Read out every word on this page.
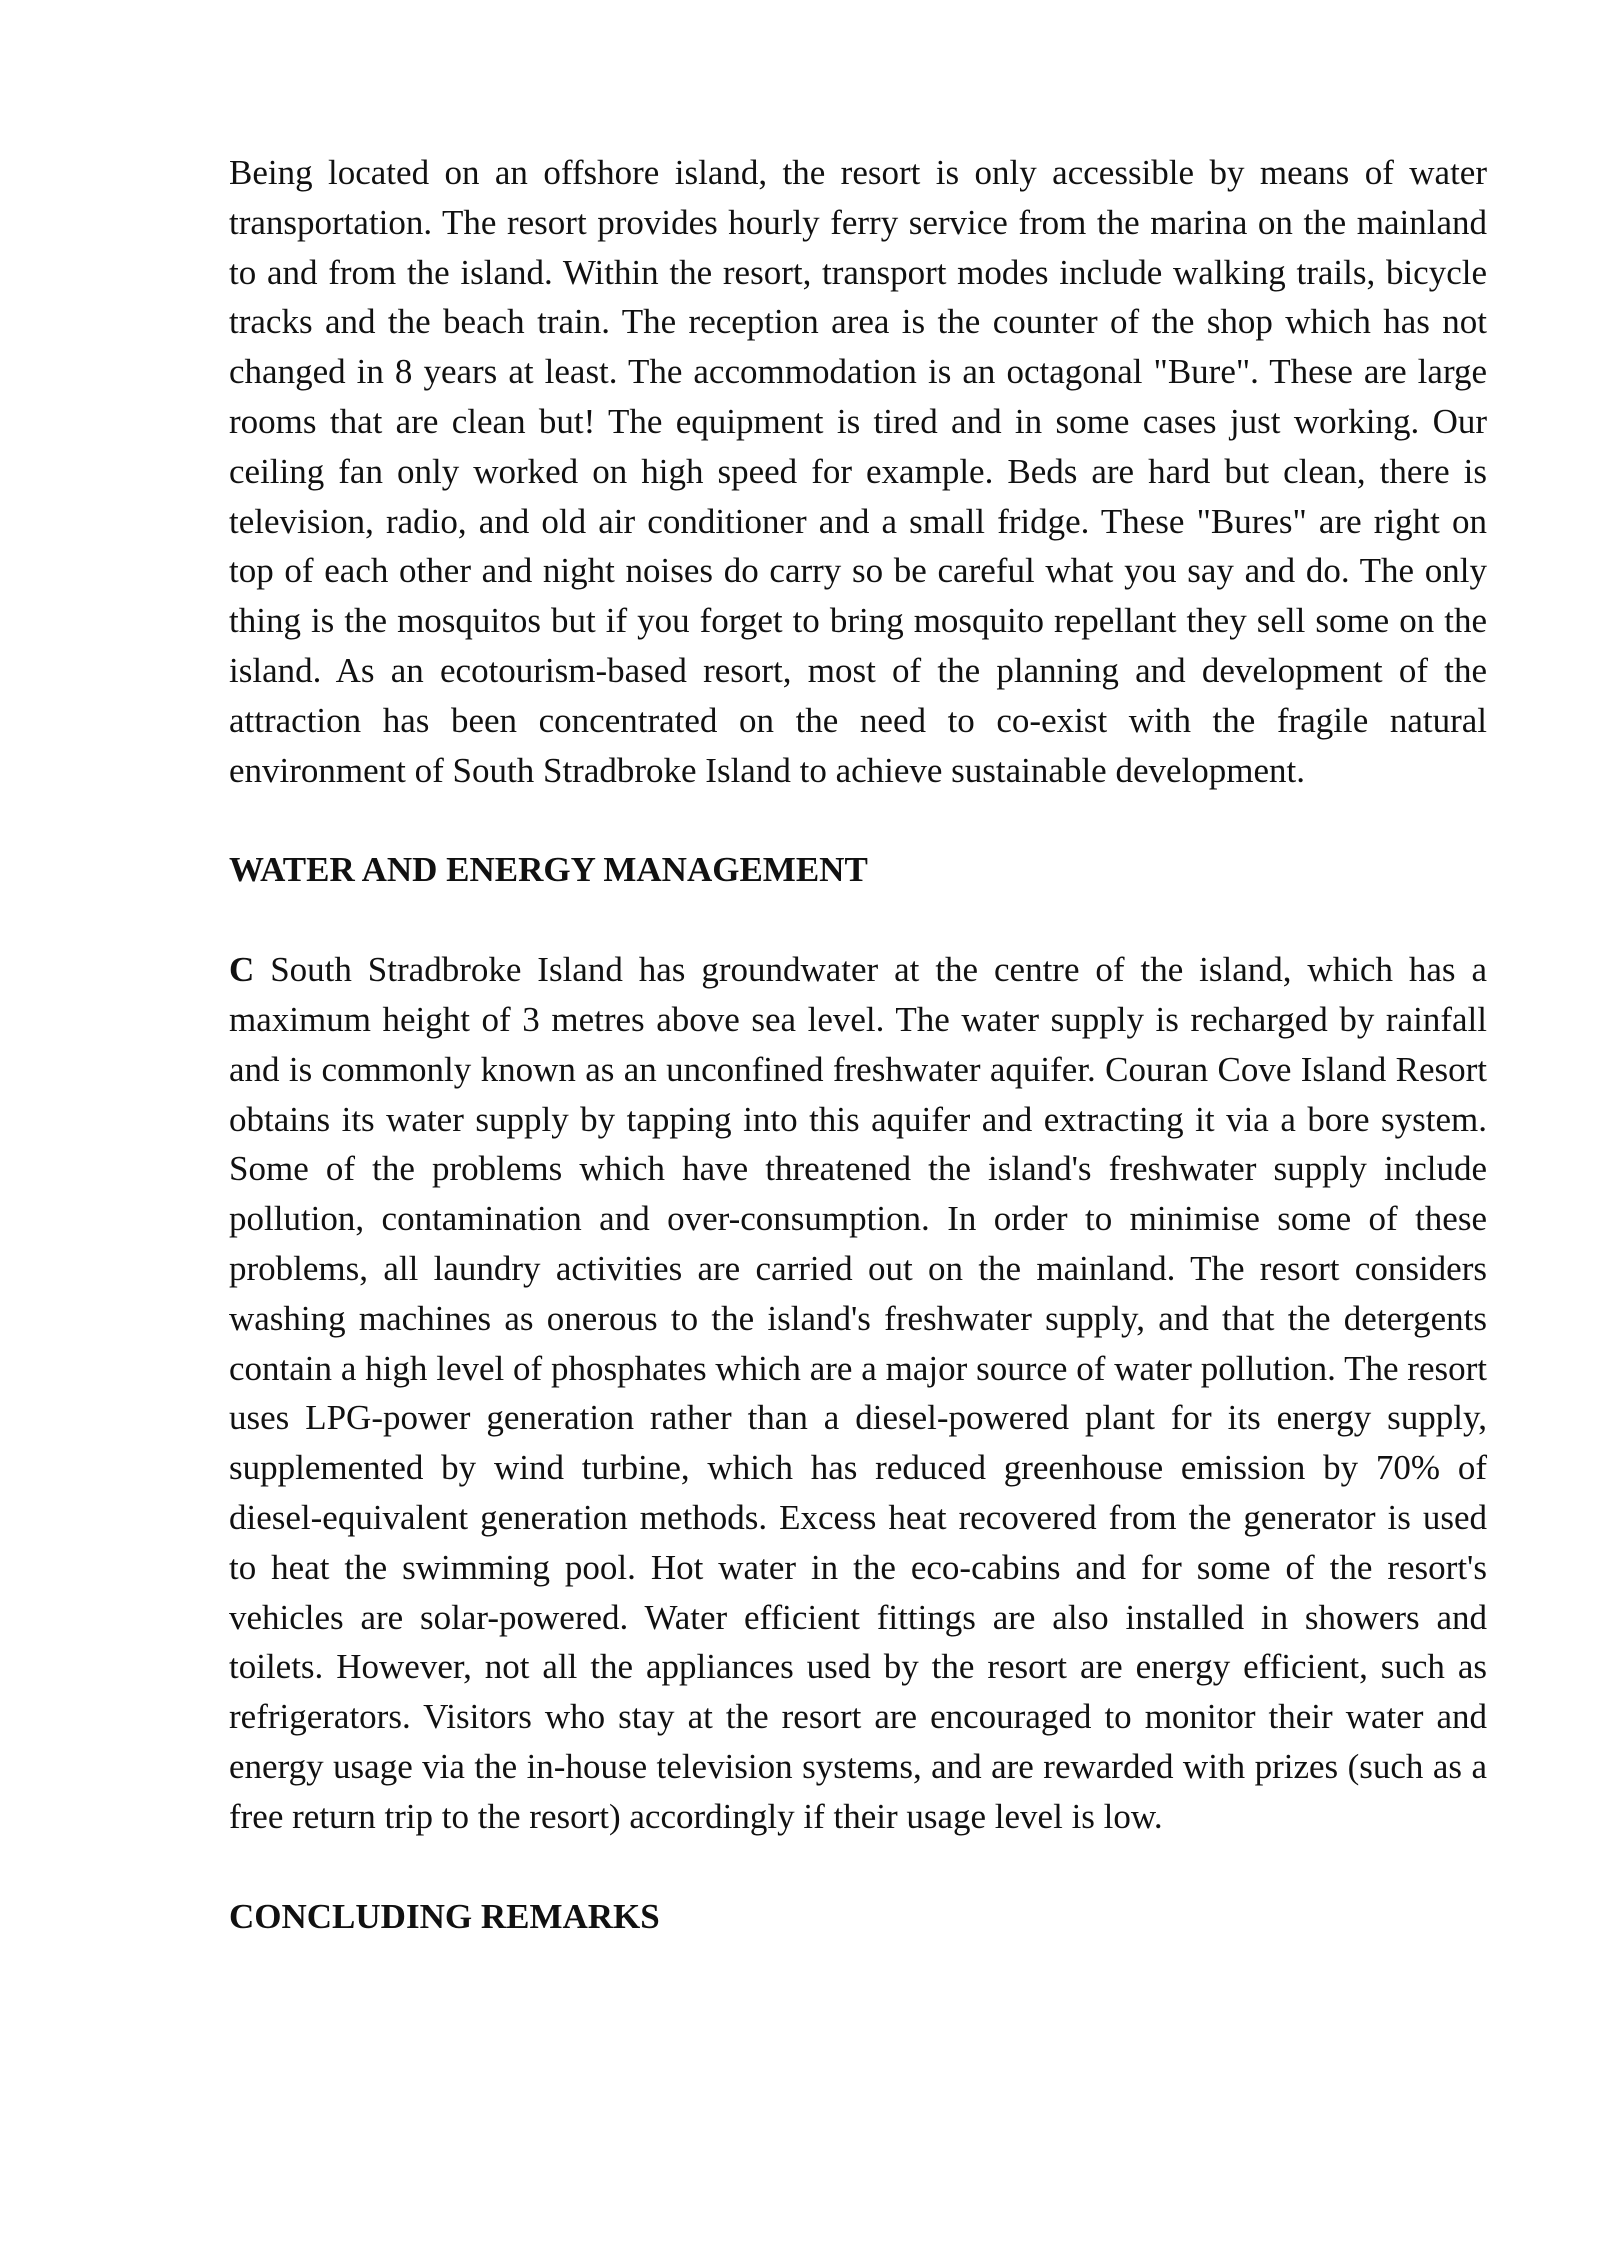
Being located on an offshore island, the resort is only accessible by means of water transportation. The resort provides hourly ferry service from the marina on the mainland to and from the island. Within the resort, transport modes include walking trails, bicycle tracks and the beach train. The reception area is the counter of the shop which has not changed in 8 years at least. The accommodation is an octagonal "Bure". These are large rooms that are clean but! The equipment is tired and in some cases just working. Our ceiling fan only worked on high speed for example. Beds are hard but clean, there is television, radio, and old air conditioner and a small fridge. These "Bures" are right on top of each other and night noises do carry so be careful what you say and do. The only thing is the mosquitos but if you forget to bring mosquito repellant they sell some on the island. As an ecotourism-based resort, most of the planning and development of the attraction has been concentrated on the need to co-exist with the fragile natural environment of South Stradbroke Island to achieve sustainable development.

WATER AND ENERGY MANAGEMENT

C South Stradbroke Island has groundwater at the centre of the island, which has a maximum height of 3 metres above sea level. The water supply is recharged by rainfall and is commonly known as an unconfined freshwater aquifer. Couran Cove Island Resort obtains its water supply by tapping into this aquifer and extracting it via a bore system. Some of the problems which have threatened the island's freshwater supply include pollution, contamination and over-consumption. In order to minimise some of these problems, all laundry activities are carried out on the mainland. The resort considers washing machines as onerous to the island's freshwater supply, and that the detergents contain a high level of phosphates which are a major source of water pollution. The resort uses LPG-power generation rather than a diesel-powered plant for its energy supply, supplemented by wind turbine, which has reduced greenhouse emission by 70% of diesel-equivalent generation methods. Excess heat recovered from the generator is used to heat the swimming pool. Hot water in the eco-cabins and for some of the resort's vehicles are solar-powered. Water efficient fittings are also installed in showers and toilets. However, not all the appliances used by the resort are energy efficient, such as refrigerators. Visitors who stay at the resort are encouraged to monitor their water and energy usage via the in-house television systems, and are rewarded with prizes (such as a free return trip to the resort) accordingly if their usage level is low.

CONCLUDING REMARKS
